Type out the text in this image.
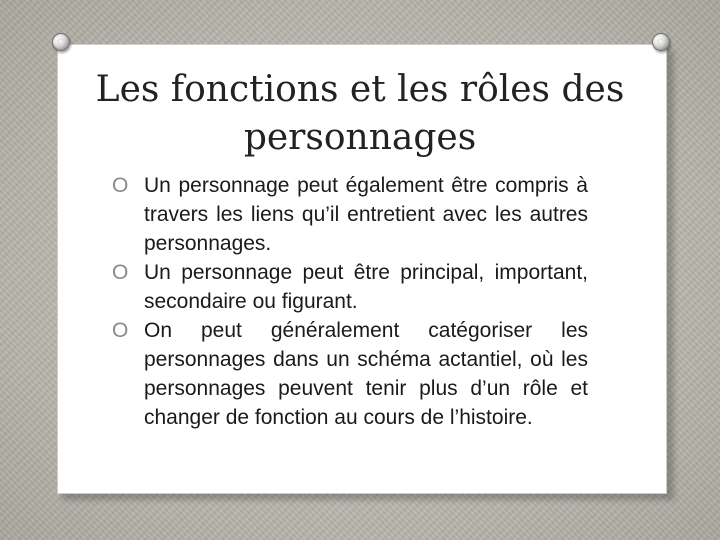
Les fonctions et les rôles des personnages
O Un personnage peut également être compris à travers les liens qu’il entretient avec les autres personnages.
O Un personnage peut être principal, important, secondaire ou figurant.
O On peut généralement catégoriser les personnages dans un schéma actantiel, où les personnages peuvent tenir plus d’un rôle et changer de fonction au cours de l’histoire.
